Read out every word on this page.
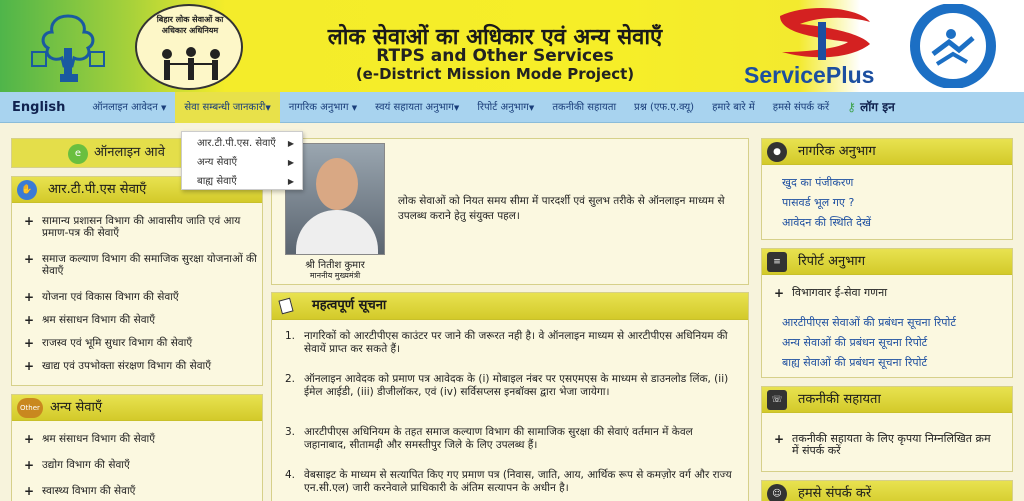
बिहार लोक सेवाओं का अधिकार अधिनियम	लोक सेवाओं का अधिकार एवं अन्य सेवाएँ
RTPS and Other Services
(e-District Mission Mode Project)	ServicePlus
English	ऑनलाइन आवेदन ▼	सेवा सम्बन्धी जानकारी▼	नागरिक अनुभाग ▼	स्वयं सहायता अनुभाग▼	रिपोर्ट अनुभाग▼	तकनीकी सहायता	प्रश्न (एफ.ए.क्यू)	हमारे बारे में	हमसे संपर्क करें	⚷ लॉग इन
e ऑनलाइन आवे
आर.टी.पी.एस. सेवाएँ ▶
अन्य सेवाएँ	▶
बाह्य सेवाएँ	▶
✋	आर.टी.पी.एस सेवाएँ
+ सामान्य प्रशासन विभाग की आवासीय जाति एवं आय प्रमाण-पत्र की सेवाएँ
+ समाज कल्याण विभाग की समाजिक सुरक्षा योजनाओं की सेवाएँ
+ योजना एवं विकास विभाग की सेवाएँ
+ श्रम संसाधन विभाग की सेवाएँ
+ राजस्व एवं भूमि सुधार विभाग की सेवाएँ
+ खाद्य एवं उपभोक्ता संरक्षण विभाग की सेवाएँ
Other अन्य सेवाएँ
+ श्रम संसाधन विभाग की सेवाएँ
+ उद्योग विभाग की सेवाएँ
+ स्वास्थ्य विभाग की सेवाएँ
श्री नितीश कुमार
माननीय मुख्यमंत्री
लोक सेवाओं को नियत समय सीमा में पारदर्शी एवं सुलभ तरीके से ऑनलाइन माध्यम से उपलब्ध कराने हेतु संयुक्त पहल।
महत्वपूर्ण सूचना
1. नागरिकों को आरटीपीएस काउंटर पर जाने की जरूरत नही है। वे ऑनलाइन माध्यम से आरटीपीएस अधिनियम की सेवायें प्राप्त कर सकते हैं।
2. ऑनलाइन आवेदक को प्रमाण पत्र आवेदक के (i) मोबाइल नंबर पर एसएमएस के माध्यम से डाउनलोड लिंक, (ii) ईमेल आईडी, (iii) डीजीलॉकर, एवं (iv) सर्विसप्लस इनबॉक्स द्वारा भेजा जायेगा।
3. आरटीपीएस अधिनियम के तहत समाज कल्याण विभाग की सामाजिक सुरक्षा की सेवाएं वर्तमान में केवल जहानाबाद, सीतामढ़ी और समस्तीपुर जिले के लिए उपलब्ध हैं।
4. वेबसाइट के माध्यम से सत्यापित किए गए प्रमाण पत्र (निवास, जाति, आय, आर्थिक रूप से कमज़ोर वर्ग और राज्य एन.सी.एल) जारी करनेवाले प्राधिकारी के अंतिम सत्यापन के अधीन है।
●	नागरिक अनुभाग
खुद का पंजीकरण
पासवर्ड भूल गए ?
आवेदन की स्थिति देखें
≡	रिपोर्ट अनुभाग
+ विभागवार ई-सेवा गणना
आरटीपीएस सेवाओं की प्रबंधन सूचना रिपोर्ट
अन्य सेवाओं की प्रबंधन सूचना रिपोर्ट
बाह्य सेवाओं की प्रबंधन सूचना रिपोर्ट
☏	तकनीकी सहायता
+ तकनीकी सहायता के लिए कृपया निम्नलिखित क्रम में संपर्क करें
☺	हमसे संपर्क करें
